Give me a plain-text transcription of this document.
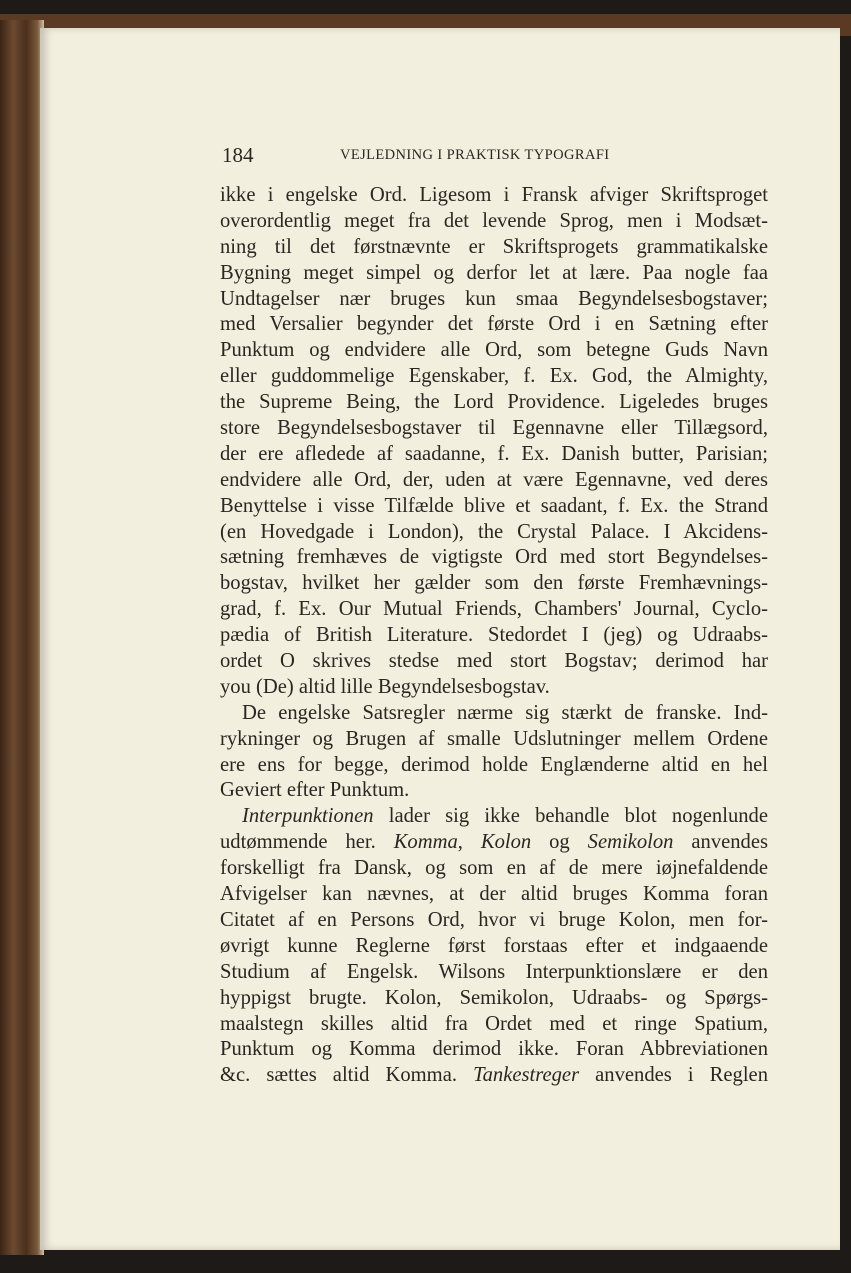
184	VEJLEDNING I PRAKTISK TYPOGRAFI
ikke i engelske Ord. Ligesom i Fransk afviger Skriftsproget
overordentlig meget fra det levende Sprog, men i Modsæt-
ning til det førstnævnte er Skriftsprogets grammatikalske
Bygning meget simpel og derfor let at lære. Paa nogle faa
Undtagelser nær bruges kun smaa Begyndelsesbogstaver;
med Versalier begynder det første Ord i en Sætning efter
Punktum og endvidere alle Ord, som betegne Guds Navn
eller guddommelige Egenskaber, f. Ex. God, the Almighty,
the Supreme Being, the Lord Providence. Ligeledes bruges
store Begyndelsesbogstaver til Egennavne eller Tillægsord,
der ere afledede af saadanne, f. Ex. Danish butter, Parisian;
endvidere alle Ord, der, uden at være Egennavne, ved deres
Benyttelse i visse Tilfælde blive et saadant, f. Ex. the Strand
(en Hovedgade i London), the Crystal Palace. I Akcidens-
sætning fremhæves de vigtigste Ord med stort Begyndelses-
bogstav, hvilket her gælder som den første Fremhævnings-
grad, f. Ex. Our Mutual Friends, Chambers' Journal, Cyclo-
pædia of British Literature. Stedordet I (jeg) og Udraabs-
ordet O skrives stedse med stort Bogstav; derimod har
you (De) altid lille Begyndelsesbogstav.
De engelske Satsregler nærme sig stærkt de franske. Ind-
rykninger og Brugen af smalle Udslutninger mellem Ordene
ere ens for begge, derimod holde Englænderne altid en hel
Geviert efter Punktum.
Interpunktionen lader sig ikke behandle blot nogenlunde
udtømmende her. Komma, Kolon og Semikolon anvendes
forskelligt fra Dansk, og som en af de mere iøjnefaldende
Afvigelser kan nævnes, at der altid bruges Komma foran
Citatet af en Persons Ord, hvor vi bruge Kolon, men for-
øvrigt kunne Reglerne først forstaas efter et indgaaende
Studium af Engelsk. Wilsons Interpunktionslære er den
hyppigst brugte. Kolon, Semikolon, Udraabs- og Spørgs-
maalstegn skilles altid fra Ordet med et ringe Spatium,
Punktum og Komma derimod ikke. Foran Abbreviationen
&c. sættes altid Komma. Tankestreger anvendes i Reglen
